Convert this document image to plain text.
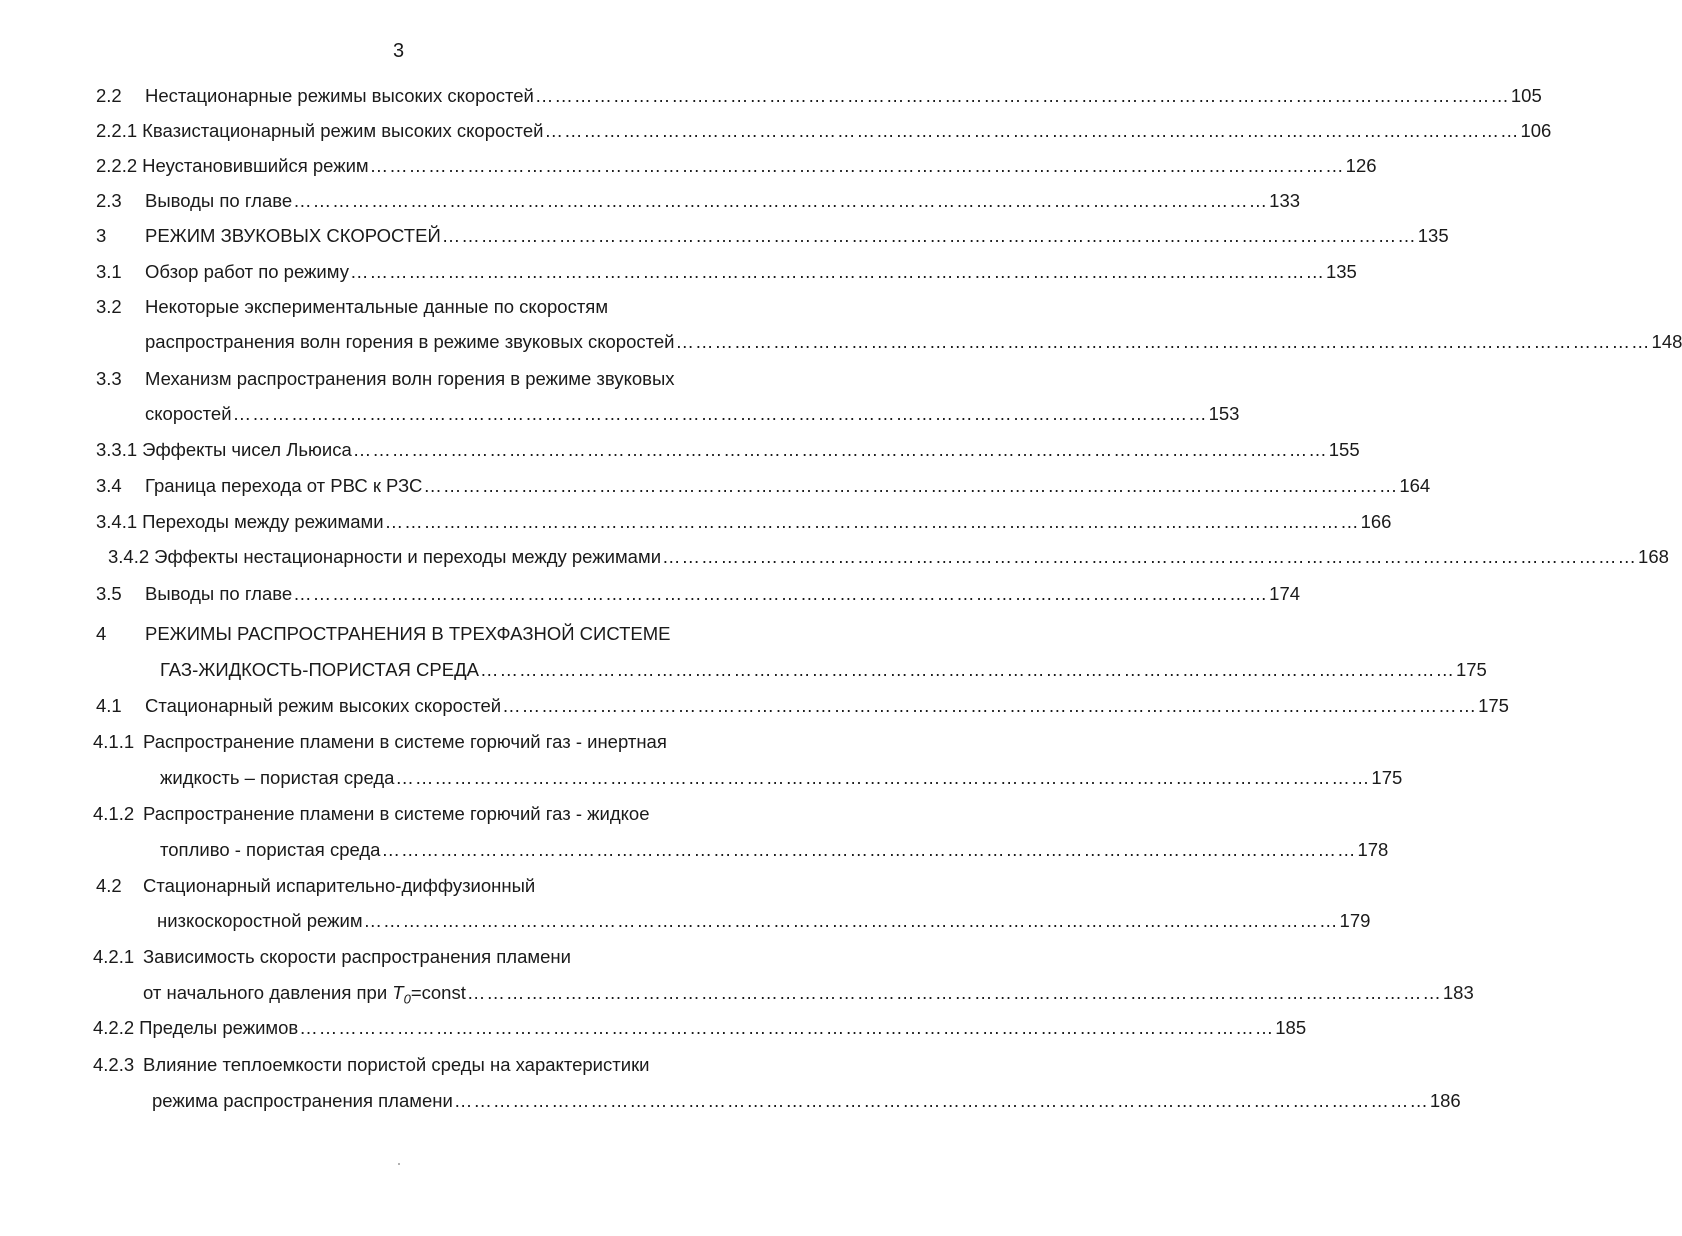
3
2.2 Нестационарные режимы высоких скоростей …………………………………………………………………………………………………………………………………… 105
2.2.1 Квазистационарный режим высоких скоростей …………………………………………………………………………………………………………………………………… 106
2.2.2 Неустановившийся режим …………………………………………………………………………………………………………………………………… 126
2.3 Выводы по главе …………………………………………………………………………………………………………………………………… 133
3 РЕЖИМ ЗВУКОВЫХ СКОРОСТЕЙ …………………………………………………………………………………………………………………………………… 135
3.1 Обзор работ по режиму …………………………………………………………………………………………………………………………………… 135
3.2 Некоторые экспериментальные данные по скоростям
распространения волн горения в режиме звуковых скоростей …………………………………………………………………………………………………………………………………… 148
3.3 Механизм распространения волн горения в режиме звуковых
скоростей …………………………………………………………………………………………………………………………………… 153
3.3.1 Эффекты чисел Льюиса …………………………………………………………………………………………………………………………………… 155
3.4 Граница перехода от РВС к РЗС …………………………………………………………………………………………………………………………………… 164
3.4.1 Переходы между режимами …………………………………………………………………………………………………………………………………… 166
3.4.2 Эффекты нестационарности и переходы между режимами …………………………………………………………………………………………………………………………………… 168
3.5 Выводы по главе …………………………………………………………………………………………………………………………………… 174
4 РЕЖИМЫ РАСПРОСТРАНЕНИЯ В ТРЕХФАЗНОЙ СИСТЕМЕ
ГАЗ-ЖИДКОСТЬ-ПОРИСТАЯ СРЕДА …………………………………………………………………………………………………………………………………… 175
4.1 Стационарный режим высоких скоростей …………………………………………………………………………………………………………………………………… 175
4.1.1 Распространение пламени в системе горючий газ - инертная
жидкость – пористая среда …………………………………………………………………………………………………………………………………… 175
4.1.2 Распространение пламени в системе горючий газ - жидкое
топливо - пористая среда …………………………………………………………………………………………………………………………………… 178
4.2 Стационарный испарительно-диффузионный
низкоскоростной режим …………………………………………………………………………………………………………………………………… 179
4.2.1 Зависимость скорости распространения пламени
от начального давления при $T_0$ =const …………………………………………………………………………………………………………………………………… 183
4.2.2 Пределы режимов …………………………………………………………………………………………………………………………………… 185
4.2.3 Влияние теплоемкости пористой среды на характеристики
режима распространения пламени …………………………………………………………………………………………………………………………………… 186
